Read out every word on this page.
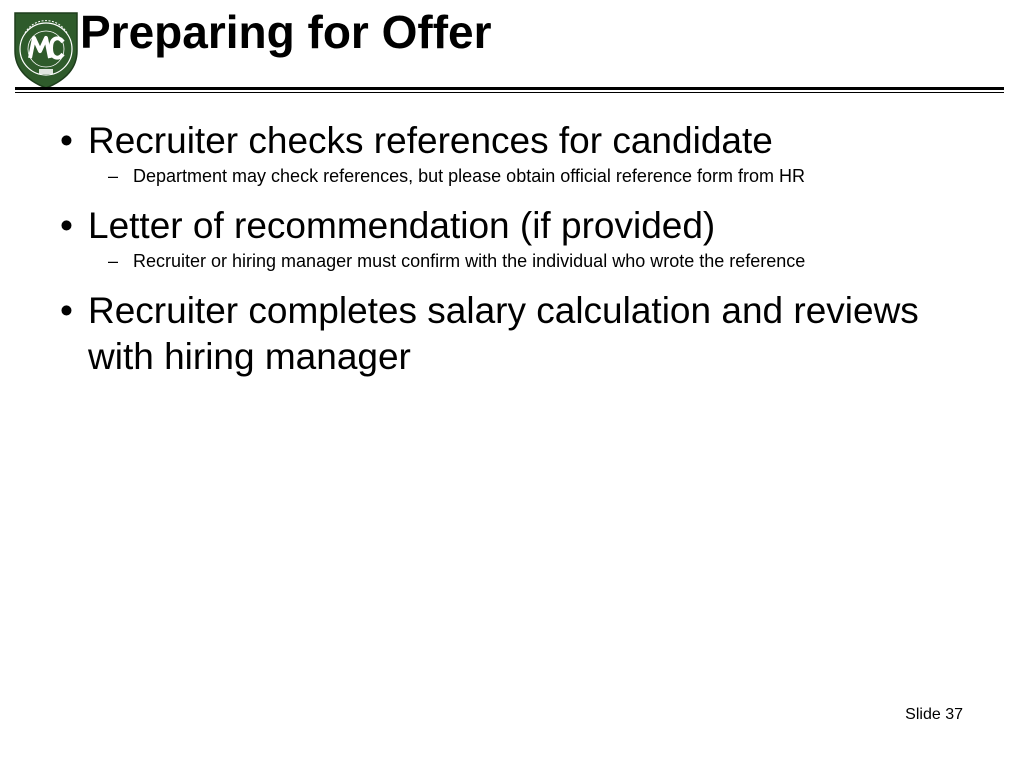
Preparing for Offer
• Recruiter checks references for candidate
– Department may check references, but please obtain official reference form from HR
• Letter of recommendation (if provided)
– Recruiter or hiring manager must confirm with the individual who wrote the reference
• Recruiter completes salary calculation and reviews with hiring manager
Slide 37
